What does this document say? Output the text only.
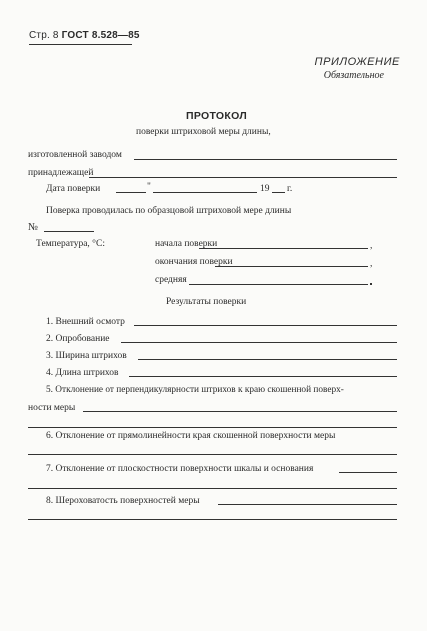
Стр. 8 ГОСТ 8.528—85
ПРИЛОЖЕНИЕ
Обязательное
ПРОТОКОЛ
поверки штриховой меры длины,
изготовленной заводом
принадлежащей
Дата поверки	"	19 г.
Поверка проводилась по образцовой штриховой мере длины
№
Температура, °С:	начала поверки	,
окончания поверки	,
средняя
Результаты поверки
1. Внешний осмотр
2. Опробование
3. Ширина штрихов
4. Длина штрихов
5. Отклонение от перпендикулярности штрихов к краю скошенной поверх-
ности меры
6. Отклонение от прямолинейности края скошенной поверхности меры
7. Отклонение от плоскостности поверхности шкалы и основания
8. Шероховатость поверхностей меры
